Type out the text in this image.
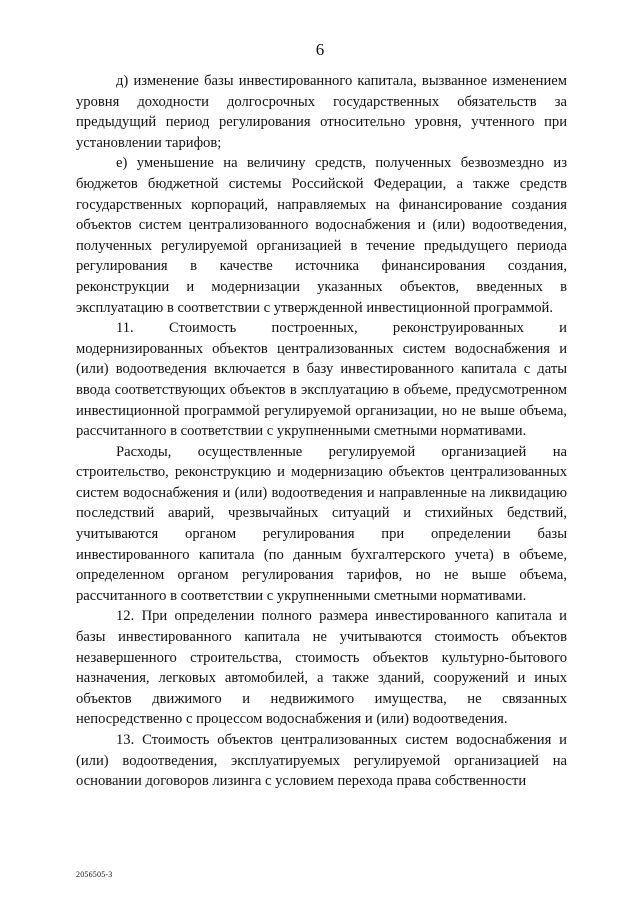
6

д) изменение базы инвестированного капитала, вызванное изменением уровня доходности долгосрочных государственных обязательств за предыдущий период регулирования относительно уровня, учтенного при установлении тарифов;

е) уменьшение на величину средств, полученных безвозмездно из бюджетов бюджетной системы Российской Федерации, а также средств государственных корпораций, направляемых на финансирование создания объектов систем централизованного водоснабжения и (или) водоотведения, полученных регулируемой организацией в течение предыдущего периода регулирования в качестве источника финансирования создания, реконструкции и модернизации указанных объектов, введенных в эксплуатацию в соответствии с утвержденной инвестиционной программой.

11. Стоимость построенных, реконструированных и модернизированных объектов централизованных систем водоснабжения и (или) водоотведения включается в базу инвестированного капитала с даты ввода соответствующих объектов в эксплуатацию в объеме, предусмотренном инвестиционной программой регулируемой организации, но не выше объема, рассчитанного в соответствии с укрупненными сметными нормативами.

Расходы, осуществленные регулируемой организацией на строительство, реконструкцию и модернизацию объектов централизованных систем водоснабжения и (или) водоотведения и направленные на ликвидацию последствий аварий, чрезвычайных ситуаций и стихийных бедствий, учитываются органом регулирования при определении базы инвестированного капитала (по данным бухгалтерского учета) в объеме, определенном органом регулирования тарифов, но не выше объема, рассчитанного в соответствии с укрупненными сметными нормативами.

12. При определении полного размера инвестированного капитала и базы инвестированного капитала не учитываются стоимость объектов незавершенного строительства, стоимость объектов культурно-бытового назначения, легковых автомобилей, а также зданий, сооружений и иных объектов движимого и недвижимого имущества, не связанных непосредственно с процессом водоснабжения и (или) водоотведения.

13. Стоимость объектов централизованных систем водоснабжения и (или) водоотведения, эксплуатируемых регулируемой организацией на основании договоров лизинга с условием перехода права собственности

2056505-3
